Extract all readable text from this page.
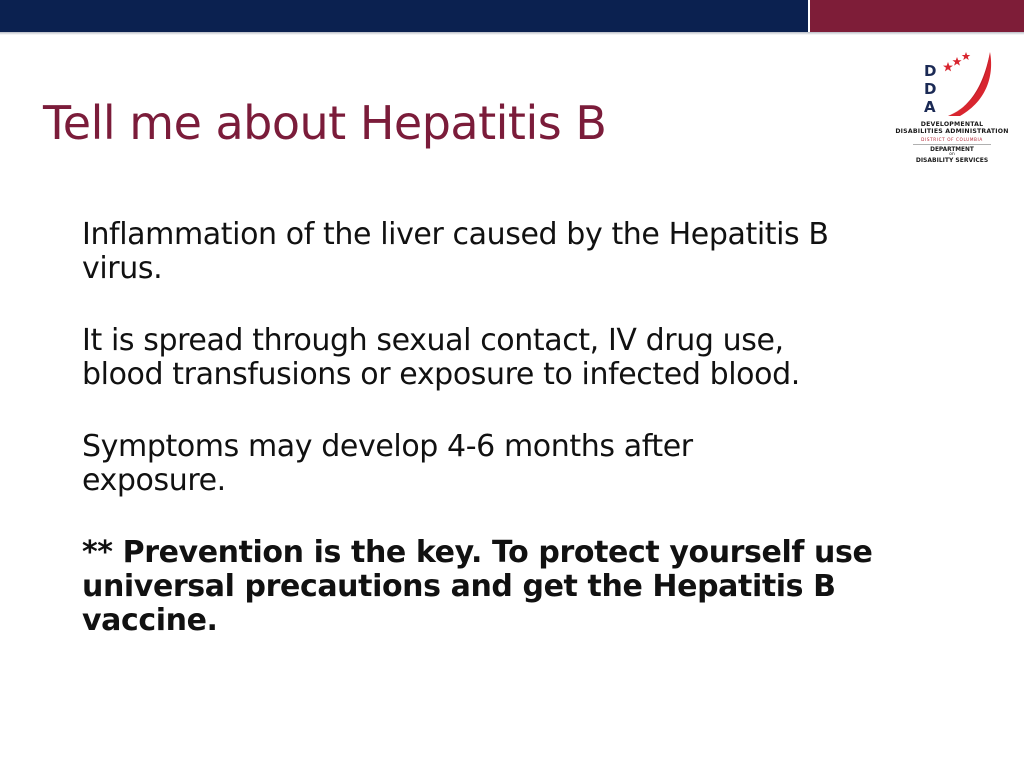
Tell me about Hepatitis B
D
D
A
DEVELOPMENTAL
DISABILITIES ADMINISTRATION
DISTRICT OF COLUMBIA
DEPARTMENT
on
DISABILITY SERVICES

Inflammation of the liver caused by the Hepatitis B
virus.

It is spread through sexual contact, IV drug use,
blood transfusions or exposure to infected blood.

Symptoms may develop 4-6 months after
exposure.

** Prevention is the key. To protect yourself use
universal precautions and get the Hepatitis B
vaccine.
